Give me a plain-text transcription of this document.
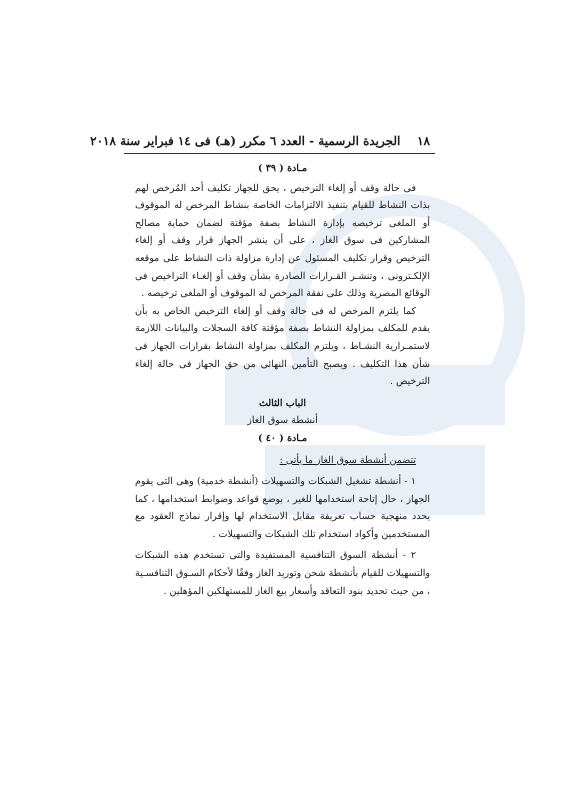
١٨    الجريدة الرسمية - العدد ٦ مكرر (هـ) فى ١٤ فبراير سنة ٢٠١٨

مـادة ( ٣٩ )

فى حالة وقف أو إلغاء الترخيص ، يحق للجهاز تكليف أحد المُرخص لهم بذات النشاط للقيام بتنفيذ الالتزامات الخاصة بنشاط المرخص له الموقوف أو الملغى ترخيصه بإدارة النشاط بصفة مؤقتة لضمان حماية مصالح المشاركين فى سوق الغاز ، على أن ينشر الجهاز قرار وقف أو إلغاء الترخيص وقرار تكليف المسئول عن إدارة مزاولة ذات النشاط على موقعه الإلكـترونى ، وتنشـر القـرارات الصادرة بشأن وقف أو إلغـاء التراخيص فى الوقائع المصرية وذلك على نفقة المرخص له الموقوف أو الملغى ترخيصه .

كما يلتزم المرخص له فى حالة وقف أو إلغاء الترخيص الخاص به بأن يقدم للمكلف بمزاولة النشاط بصفة مؤقتة كافة السجلات والبيانات اللازمة لاستمـرارية النشـاط ، ويلتزم المكلف بمزاولة النشاط بقرارات الجهاز فى شأن هذا التكليف . ويصبح التأمين النهائى من حق الجهاز فى حالة إلغاء الترخيص .

الباب الثالث

أنشطة سوق الغاز

مـادة ( ٤٠ )

تتضمن أنشطة سوق الغاز ما يأتى :

١ - أنشطة تشغيل الشبكات والتسهيلات (أنشطة خدمية) وهى التى يقوم الجهاز ، حال إتاحة استخدامها للغير ، بوضع قواعد وضوابط استخدامها ، كما يحدد منهجية حساب تعريفة مقابل الاستخدام لها وإقرار نماذج العقود مع المستخدمين وأكواد استخدام تلك الشبكات والتسهيلات .

٢ - أنشطة السوق التنافسية المستفيدة والتى تستخدم هذه الشبكات والتسهيلات للقيام بأنشطة شحن وتوريد الغاز وفقًا لأحكام السـوق التنافسـية ، من حيث تحديد بنود التعاقد وأسعار بيع الغاز للمستهلكين المؤهلين .
